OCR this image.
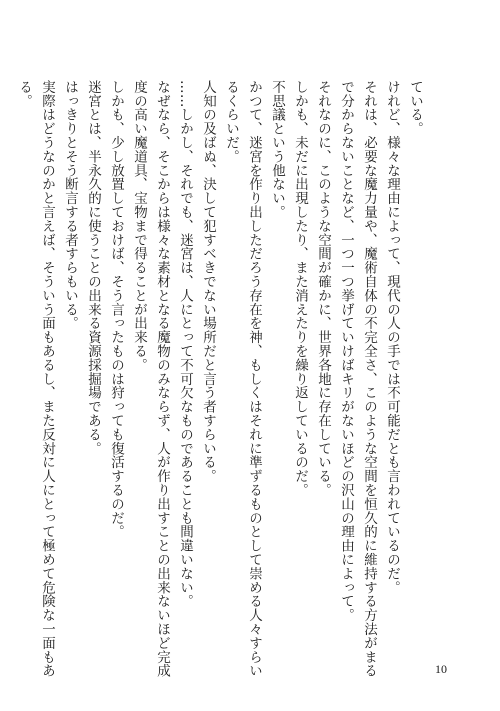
ている。
けれど、様々な理由によって、現代の人の手では不可能だとも言われているのだ。
それは、必要な魔力量や、魔術自体の不完全さ、このような空間を恒久的に維持する方法がまる
で分からないことなど、一つ一つ挙げていけばキリがないほどの沢山の理由によって。
それなのに、このような空間が確かに、世界各地に存在している。
しかも、未だに出現したり、また消えたりを繰り返しているのだ。
不思議という他ない。
かつて、迷宮を作り出しただろう存在を神、もしくはそれに準ずるものとして崇める人々すらい
るくらいだ。
人知の及ばぬ、決して犯すべきでない場所だと言う者すらいる。
……しかし、それでも、迷宮は、人にとって不可欠なものであることも間違いない。
なぜなら、そこからは様々な素材となる魔物のみならず、人が作り出すことの出来ないほど完成
度の高い魔道具、宝物まで得ることが出来る。
しかも、少し放置しておけば、そう言ったものは狩っても復活するのだ。
迷宮とは、半永久的に使うことの出来る資源採掘場である。
はっきりとそう断言する者すらもいる。
実際はどうなのかと言えば、そういう面もあるし、また反対に人にとって極めて危険な一面もあ
る。
10
